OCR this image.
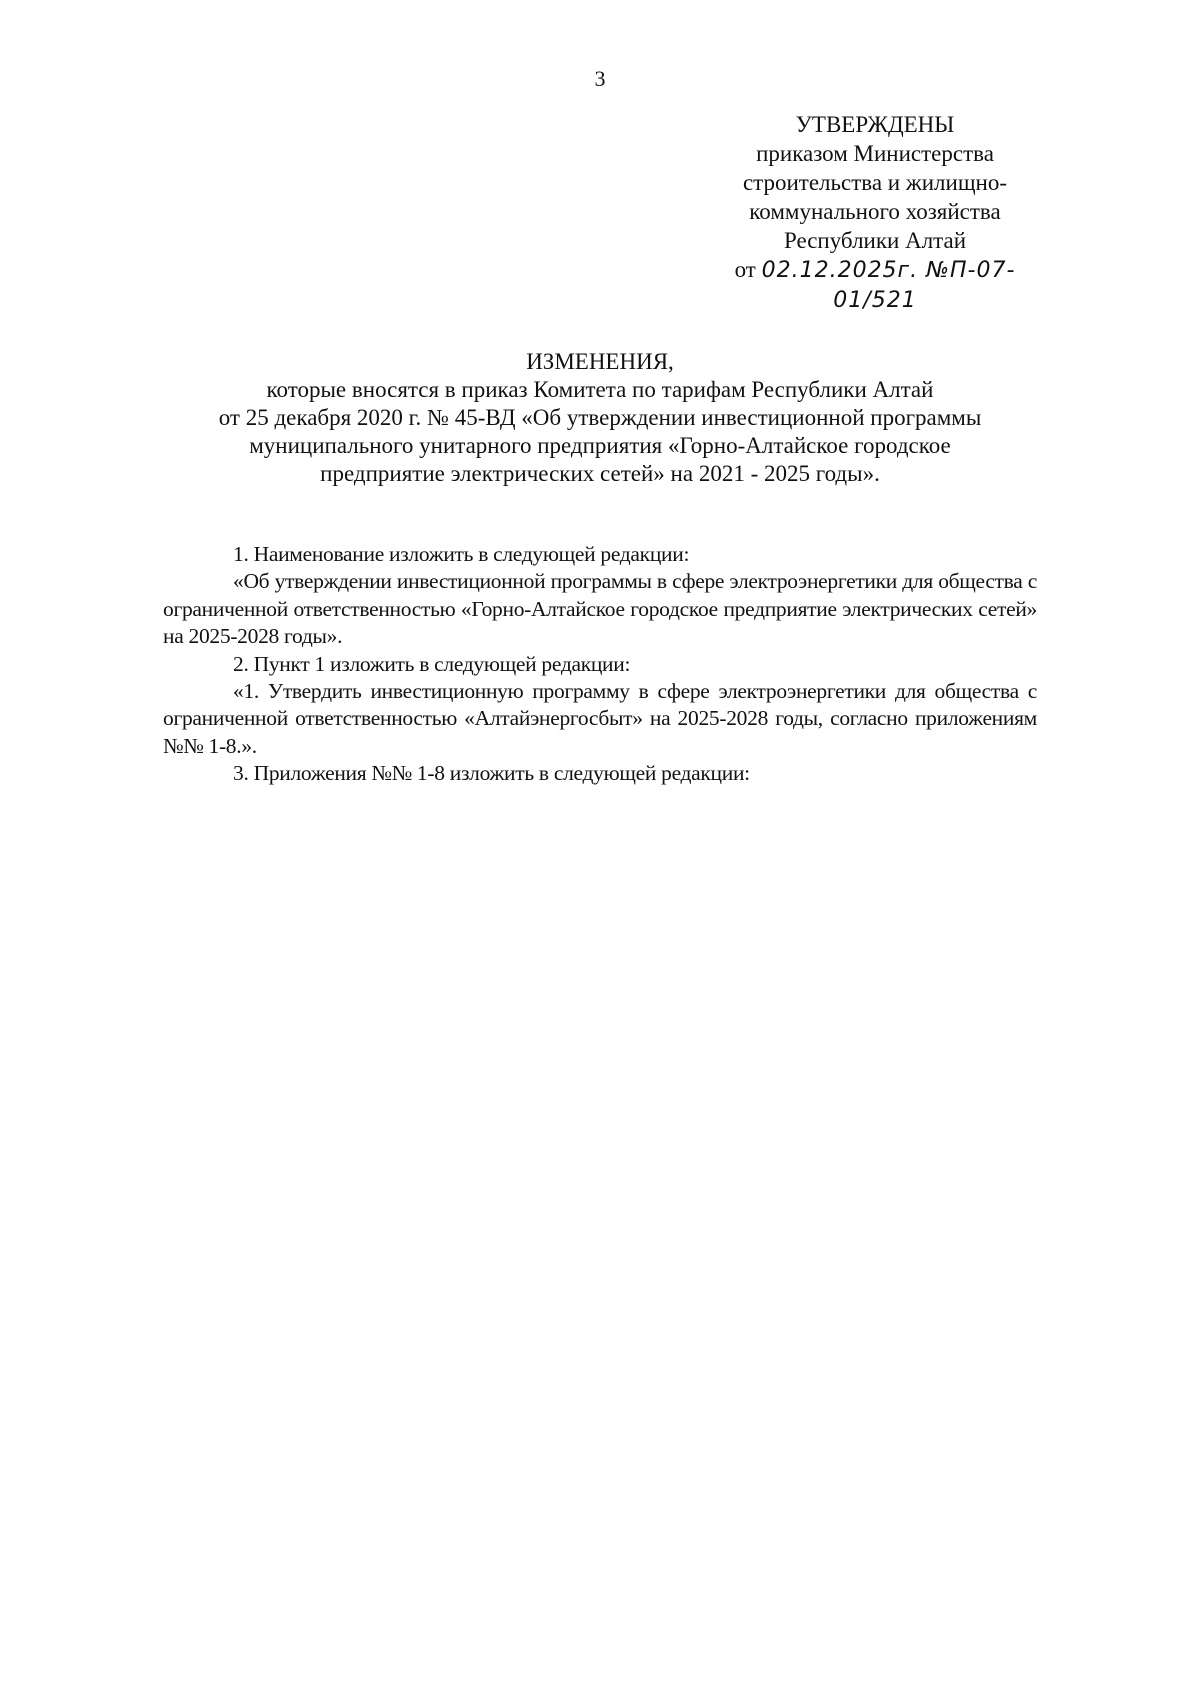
3
УТВЕРЖДЕНЫ
приказом Министерства
строительства и жилищно-
коммунального хозяйства
Республики Алтай
от 02.12.2025г. №П-07-01/521
ИЗМЕНЕНИЯ,
которые вносятся в приказ Комитета по тарифам Республики Алтай
от 25 декабря 2020 г. № 45-ВД «Об утверждении инвестиционной программы
муниципального унитарного предприятия «Горно-Алтайское городское
предприятие электрических сетей» на 2021 - 2025 годы».

1. Наименование изложить в следующей редакции:

«Об утверждении инвестиционной программы в сфере электроэнергетики для общества с ограниченной ответственностью «Горно-Алтайское городское предприятие электрических сетей» на 2025-2028 годы».

2. Пункт 1 изложить в следующей редакции:

«1. Утвердить инвестиционную программу в сфере электроэнергетики для общества с ограниченной ответственностью «Алтайэнергосбыт» на 2025-2028 годы, согласно приложениям №№ 1-8.».

3. Приложения №№ 1-8 изложить в следующей редакции:
